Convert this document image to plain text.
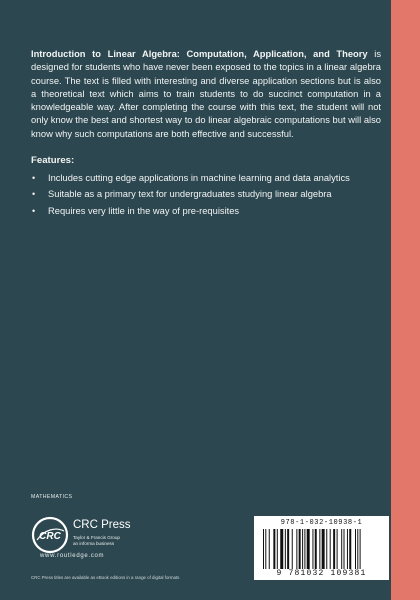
Introduction to Linear Algebra: Computation, Application, and Theory is designed for students who have never been exposed to the topics in a linear algebra course. The text is filled with interesting and diverse application sections but is also a theoretical text which aims to train students to do succinct computation in a knowledgeable way. After completing the course with this text, the student will not only know the best and shortest way to do linear algebraic computations but will also know why such computations are both effective and successful.

Features:
• Includes cutting edge applications in machine learning and data analytics
• Suitable as a primary text for undergraduates studying linear algebra
• Requires very little in the way of pre-requisites
MATHEMATICS
CRC
CRC Press
Taylor & Francis Group
an informa business
www.routledge.com
CRC Press titles are available as eBook editions in a range of digital formats
978-1-032-10938-1
9 781032 109381
